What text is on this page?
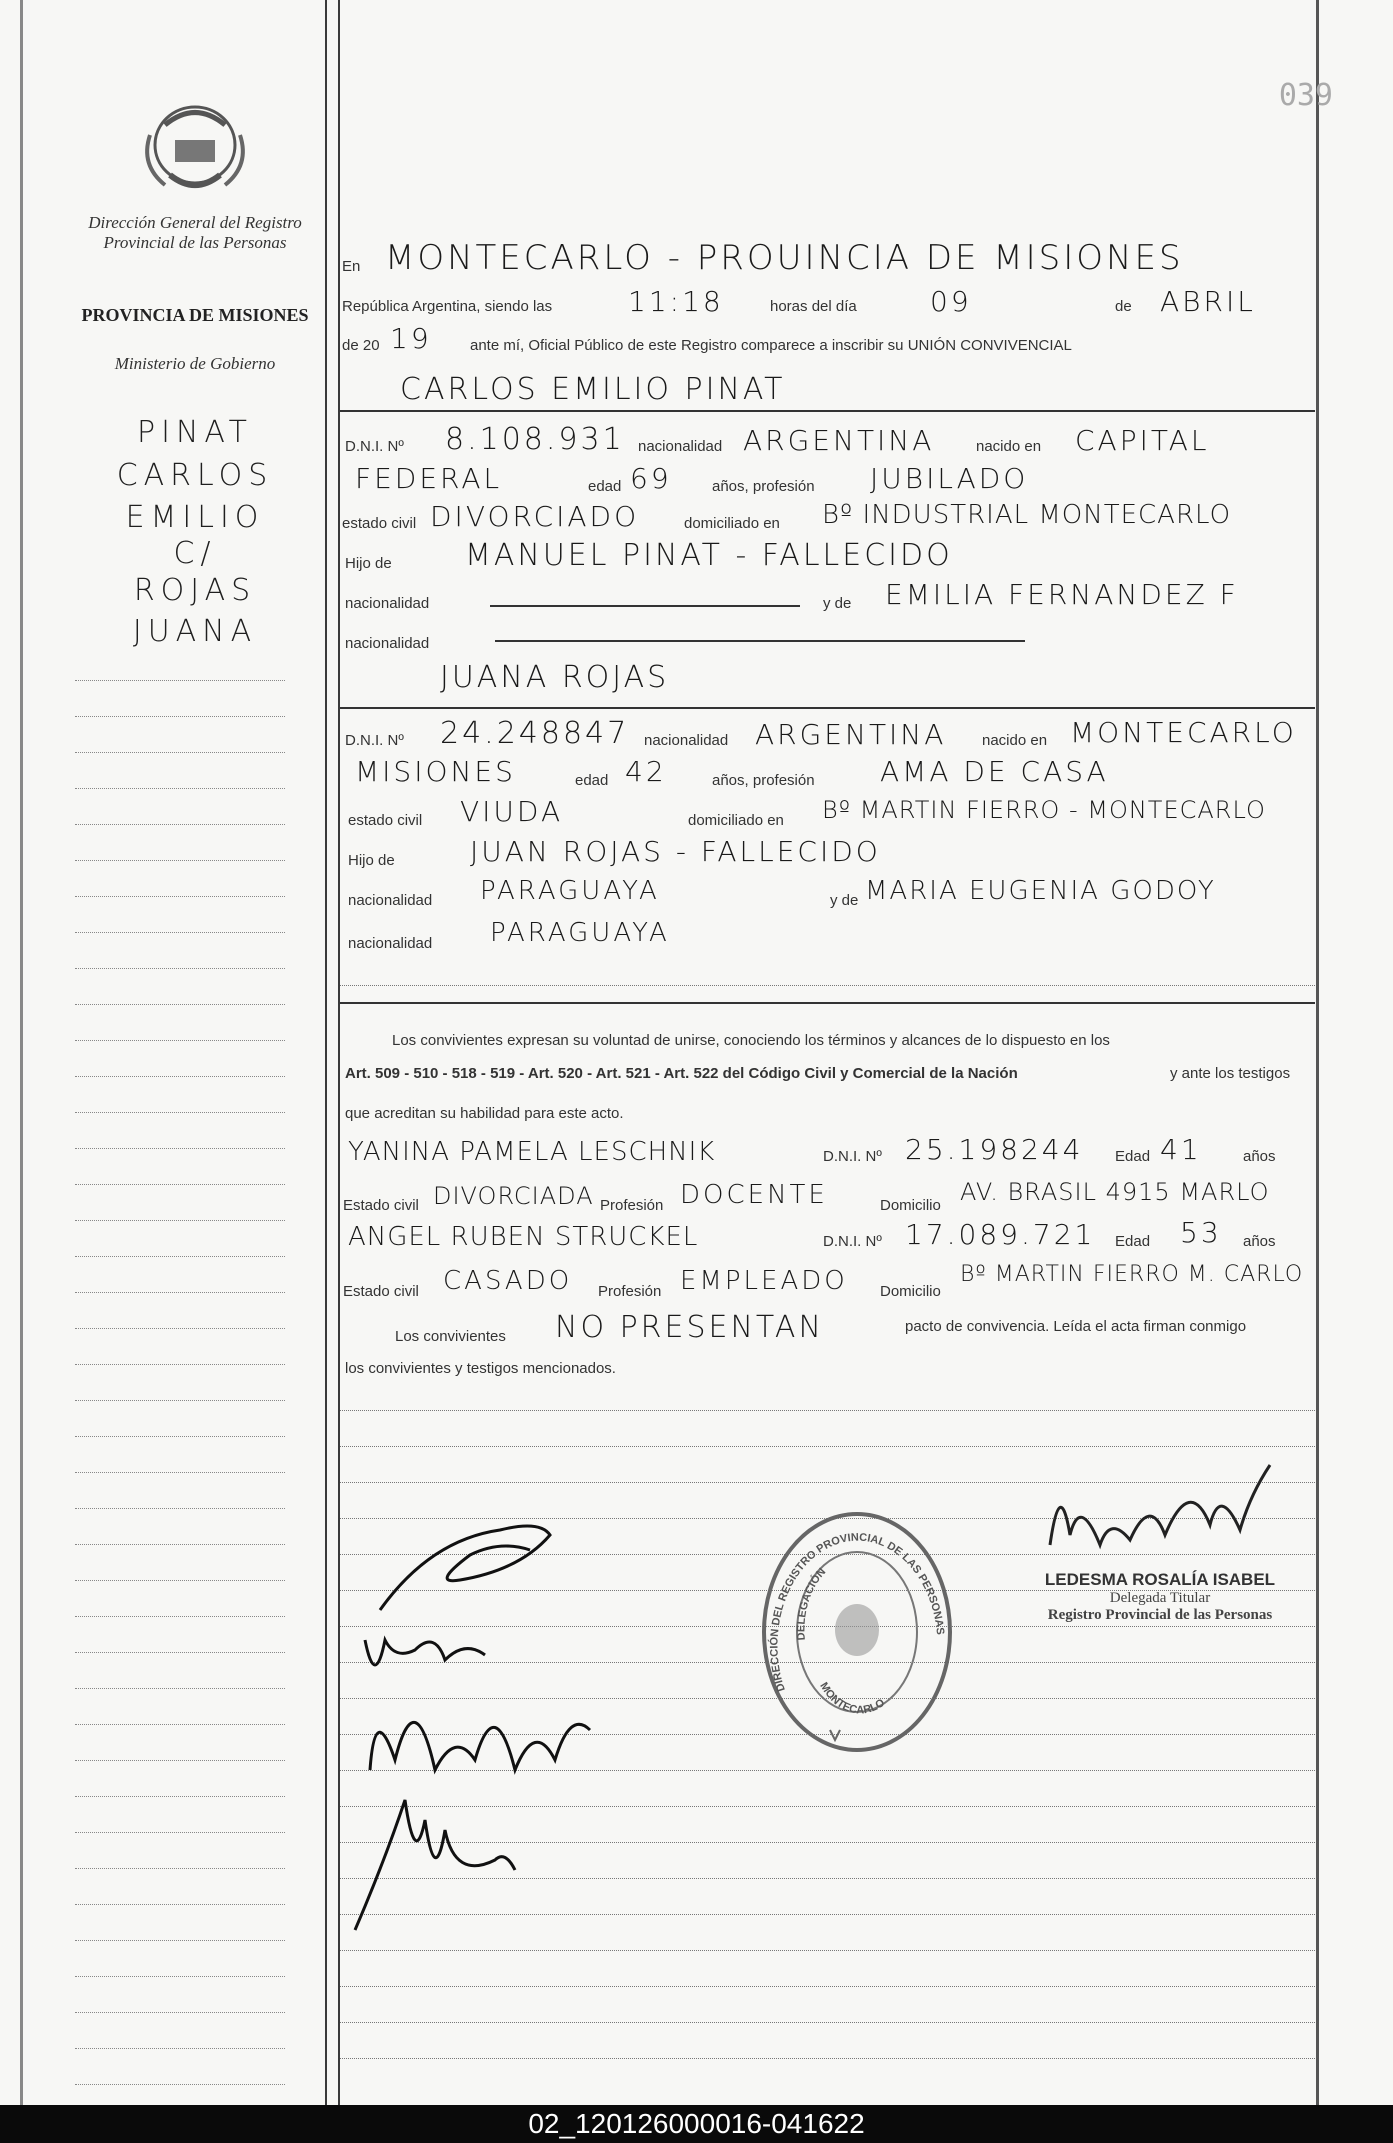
039
Dirección General del Registro Provincial de las Personas
PROVINCIA DE MISIONES
Ministerio de Gobierno
PINAT
CARLOS
EMILIO
C/
ROJAS
JUANA
En MONTECARLO - PROUINCIA DE MISIONES
República Argentina, siendo las	11:18	horas del día	09	de ABRIL
de 20 19	ante mí, Oficial Público de este Registro comparece a inscribir su UNIÓN CONVIVENCIAL
CARLOS EMILIO PINAT
D.N.I. Nº 8.108.931 nacionalidad ARGENTINA	nacido en CAPITAL
FEDERAL	edad 69	años, profesión JUBILADO
estado civil DIVORCIADO	domiciliado en Bº INDUSTRIAL MONTECARLO
Hijo de MANUEL PINAT - FALLECIDO
nacionalidad	y de EMILIA FERNANDEZ F
nacionalidad
JUANA ROJAS
D.N.I. Nº 24.248847 nacionalidad ARGENTINA nacido en MONTECARLO
MISIONES	edad 42	años, profesión AMA DE CASA
estado civil VIUDA	domiciliado en Bº MARTIN FIERRO - MONTECARLO
Hijo de	JUAN ROJAS - FALLECIDO
nacionalidad PARAGUAYA	y de MARIA EUGENIA GODOY
nacionalidad PARAGUAYA
Los convivientes expresan su voluntad de unirse, conociendo los términos y alcances de lo dispuesto en los
Art. 509 - 510 - 518 - 519 - Art. 520 - Art. 521 - Art. 522 del Código Civil y Comercial de la Nación	y ante los testigos
que acreditan su habilidad para este acto.
YANINA PAMELA LESCHNIK	D.N.I. Nº 25.198244 Edad 41	años
Estado civil DIVORCIADA Profesión DOCENTE	Domicilio AV. BRASIL 4915 MARLO
ANGEL RUBEN STRUCKEL	D.N.I. Nº 17.089.721 Edad 53 años
Estado civil CASADO Profesión EMPLEADO Domicilio
Bº MARTIN FIERRO M. CARLO
Los convivientes NO PRESENTAN	pacto de convivencia. Leída el acta firman conmigo
los convivientes y testigos mencionados.
DIRECCIÓN DEL REGISTRO PROVINCIAL DE LAS PERSONAS
DELEGACIÓN
MONTECARLO
LEDESMA ROSALÍA ISABEL
Delegada Titular
Registro Provincial de las Personas
02_120126000016-041622
